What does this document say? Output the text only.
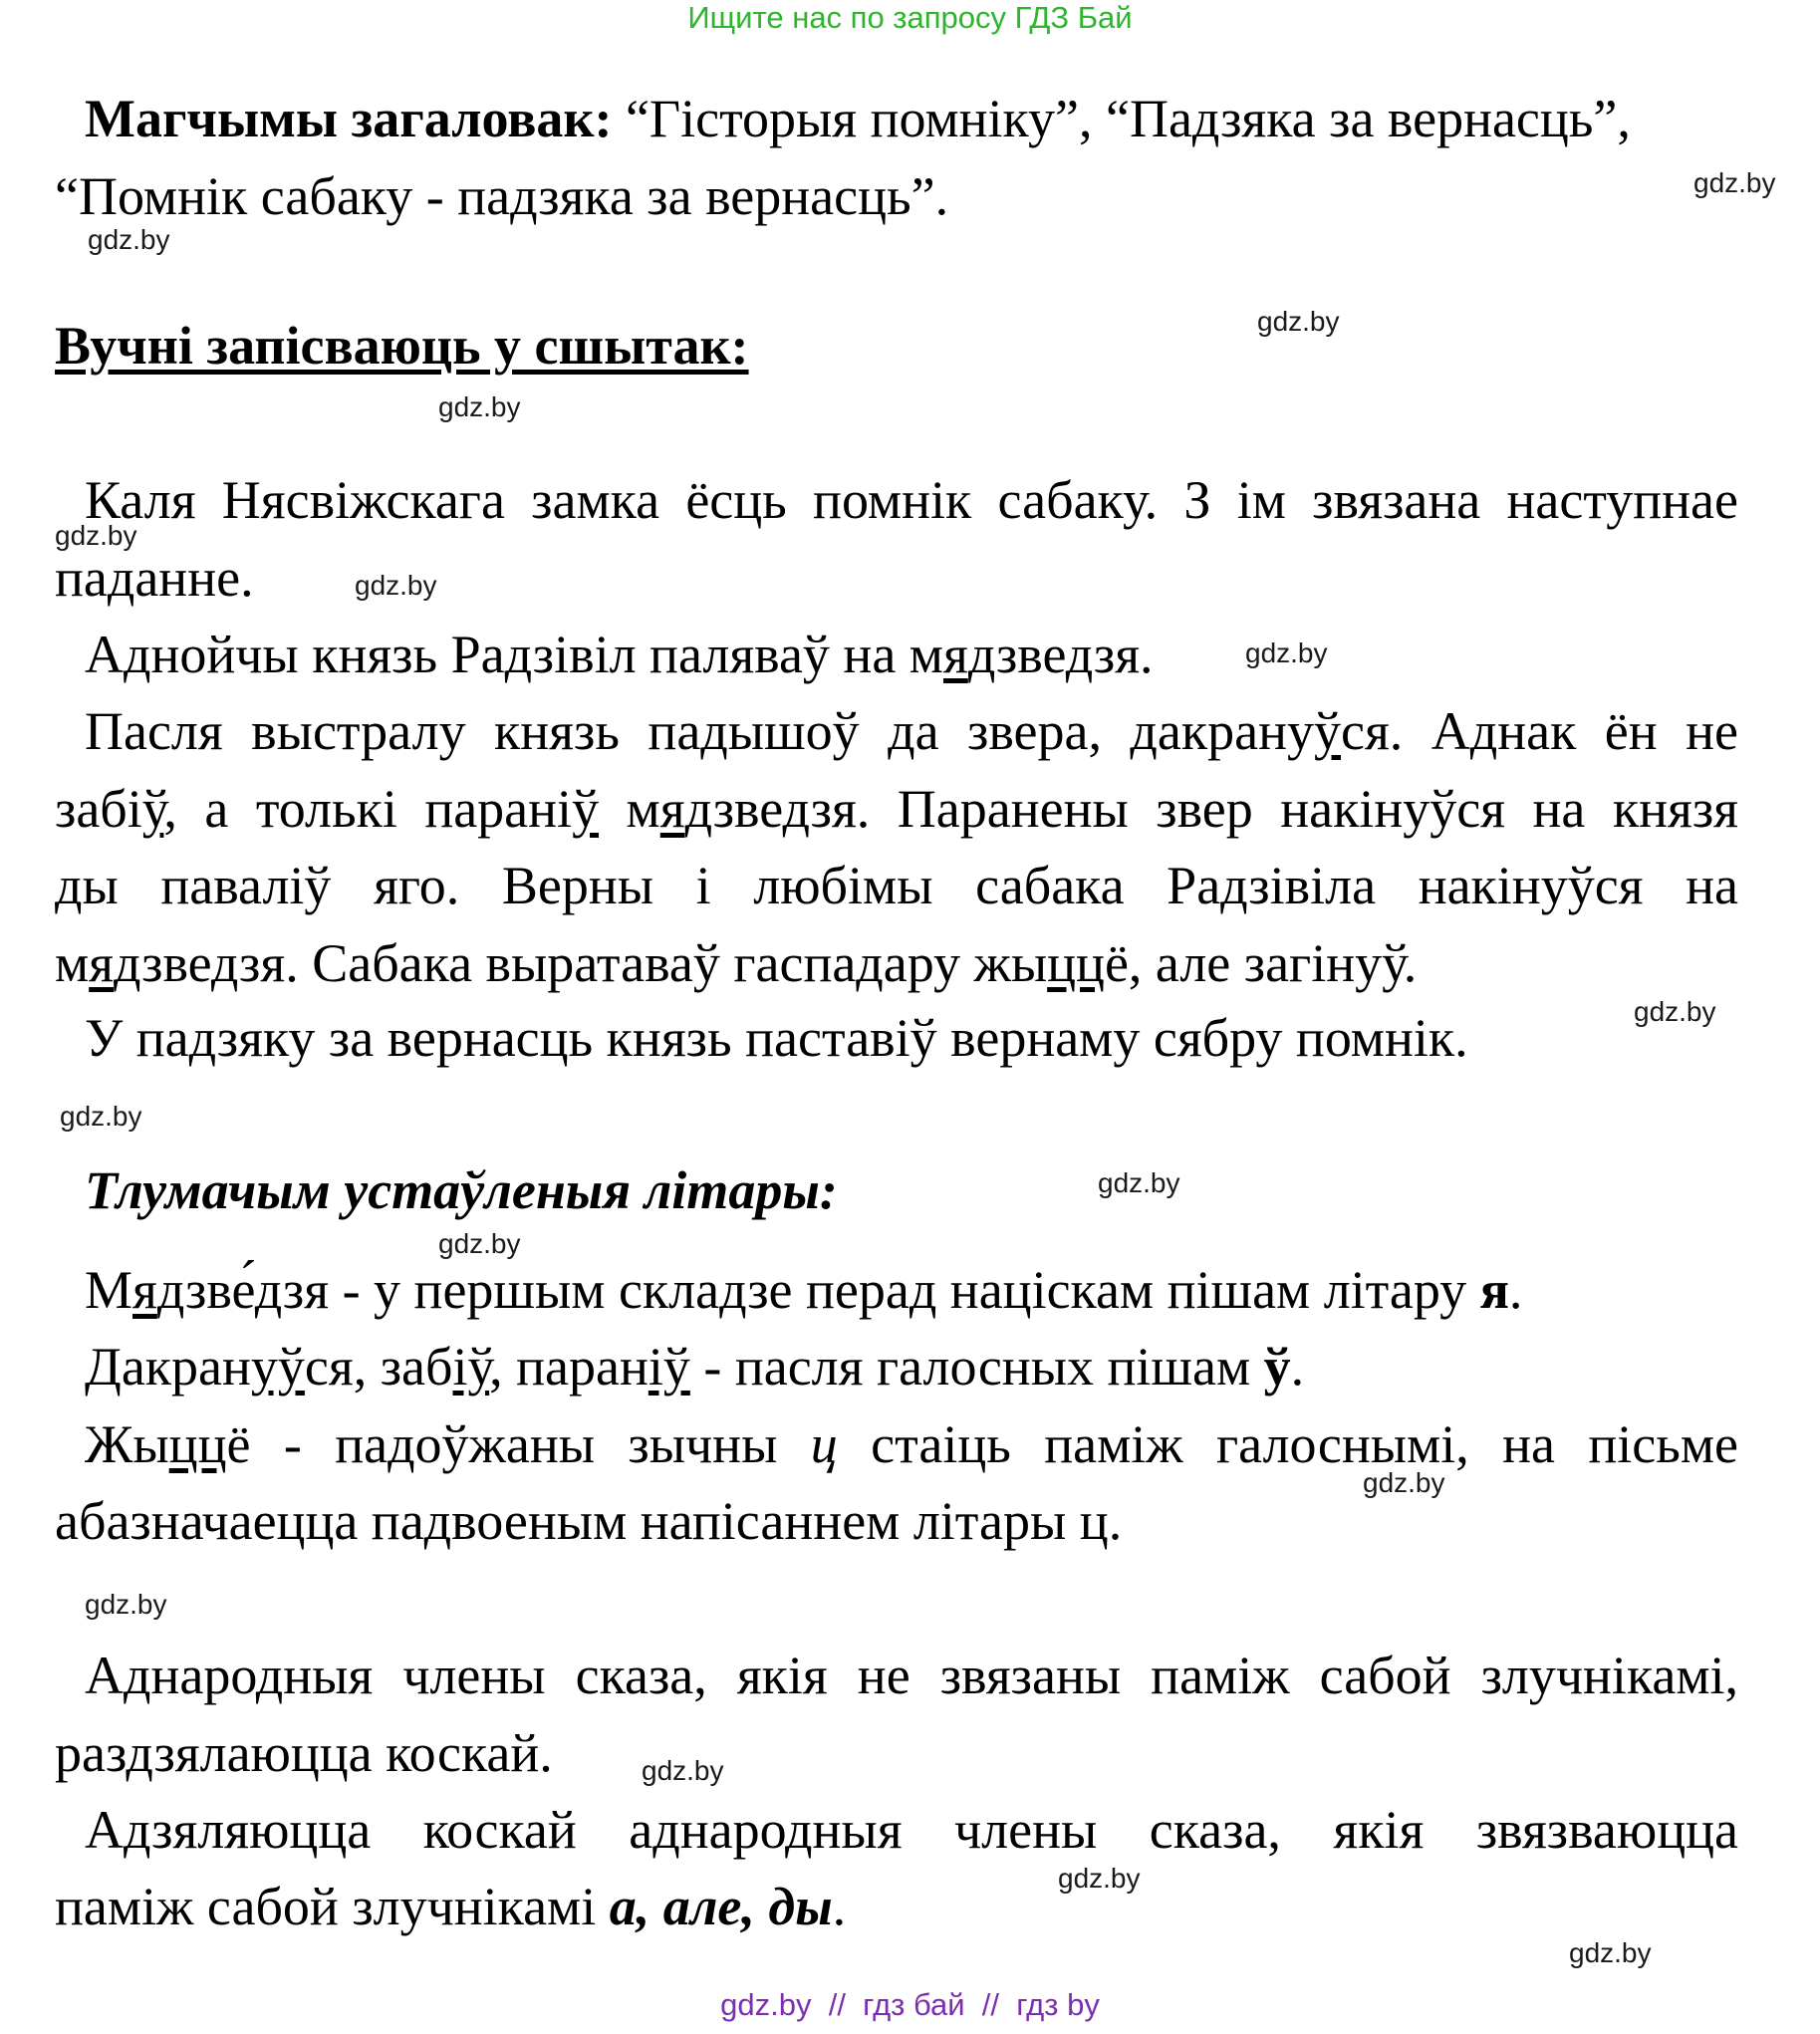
Ищите нас по запросу ГДЗ Бай
Магчымы загаловак: “Гісторыя помніку”, “Падзяка за вернасць”,
“Помнік сабаку - падзяка за вернасць”.
Вучні запісваюць у сшытак:
Каля Нясвіжскага замка ёсць помнік сабаку. З ім звязана наступнае
паданне.
Аднойчы князь Радзівіл паляваў на мядзведзя.
Пасля выстралу князь падышоў да звера, дакрануўся. Аднак ён не
забіў, а толькі параніў мядзведзя. Паранены звер накінуўся на князя
ды паваліў яго. Верны і любімы сабака Радзівіла накінуўся на
мядзведзя. Сабака выратаваў гаспадару жыццё, але загінуў.
У падзяку за вернасць князь паставіў вернаму сябру помнік.
Тлумачым устаўленыя літары:
Мядзве́дзя - у першым складзе перад націскам пішам літару я.
Дакрануўся, забіў, параніў - пасля галосных пішам ў.
Жыццё - падоўжаны зычны ц стаіць паміж галоснымі, на пісьме
абазначаецца падвоеным напісаннем літары ц.
Аднародныя члены сказа, якія не звязаны паміж сабой злучнікамі,
раздзялаюцца коскай.
Адзяляюцца коскай аднародныя члены сказа, якія звязваюцца
паміж сабой злучнікамі а, але, ды.
gdz.by
gdz.by
gdz.by
gdz.by
gdz.by
gdz.by
gdz.by
gdz.by
gdz.by
gdz.by
gdz.by
gdz.by
gdz.by
gdz.by
gdz.by
gdz.by
gdz.by  //  гдз бай  //  гдз by
